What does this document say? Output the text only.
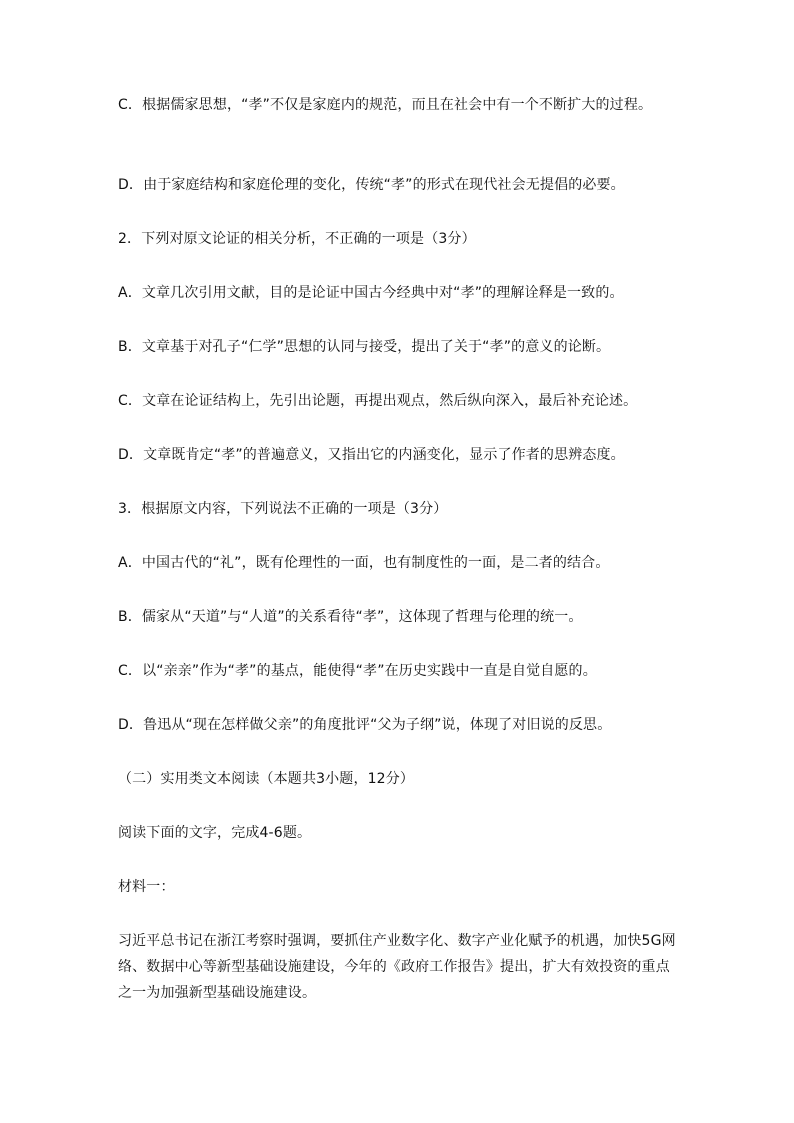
C．根据儒家思想，“孝”不仅是家庭内的规范，而且在社会中有一个不断扩大的过程。
D．由于家庭结构和家庭伦理的变化，传统“孝”的形式在现代社会无提倡的必要。
2．下列对原文论证的相关分析，不正确的一项是（3分）
A．文章几次引用文献，目的是论证中国古今经典中对“孝”的理解诠释是一致的。
B．文章基于对孔子“仁学”思想的认同与接受，提出了关于“孝”的意义的论断。
C．文章在论证结构上，先引出论题，再提出观点，然后纵向深入，最后补充论述。
D．文章既肯定“孝”的普遍意义，又指出它的内涵变化，显示了作者的思辨态度。
3．根据原文内容，下列说法不正确的一项是（3分）
A．中国古代的“礼”，既有伦理性的一面，也有制度性的一面，是二者的结合。
B．儒家从“天道”与“人道”的关系看待“孝”，这体现了哲理与伦理的统一。
C．以“亲亲”作为“孝”的基点，能使得“孝”在历史实践中一直是自觉自愿的。
D．鲁迅从“现在怎样做父亲”的角度批评“父为子纲”说，体现了对旧说的反思。
（二）实用类文本阅读（本题共3小题，12分）
阅读下面的文字，完成4-6题。
材料一：
习近平总书记在浙江考察时强调，要抓住产业数字化、数字产业化赋予的机遇，加快5G网络、数据中心等新型基础设施建设，今年的《政府工作报告》提出，扩大有效投资的重点之一为加强新型基础设施建设。
